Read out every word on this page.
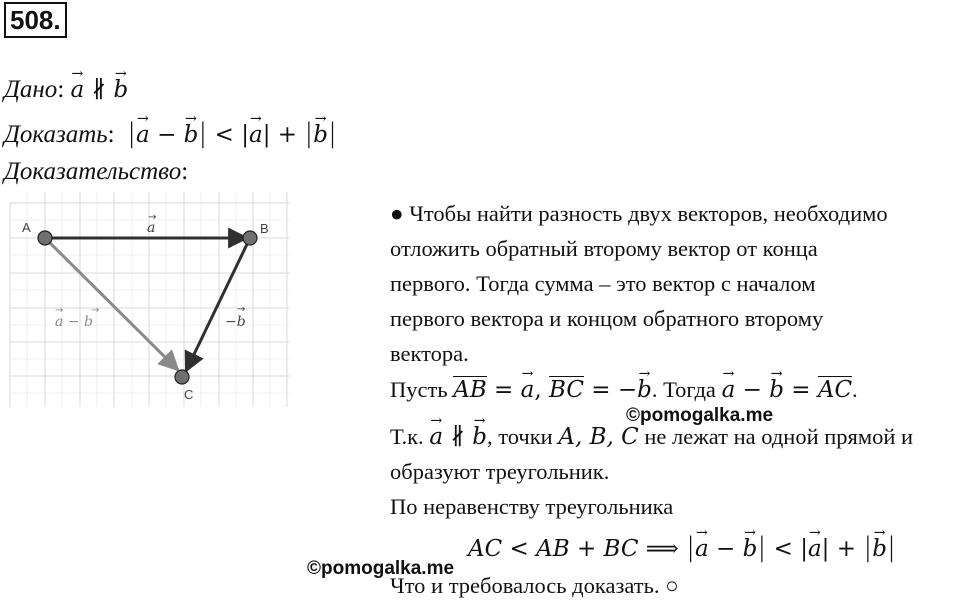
508.
Дано: → a ∦ → b
Доказать:  |→ a − → b| < |→ a| + |→ b|
Доказательство:
A	B
C
a
→
−b
→
a − b
→	→
● Чтобы найти разность двух векторов, необходимо
отложить обратный второму вектор от конца
первого. Тогда сумма – это вектор с началом
первого вектора и концом обратного второму
вектора.
Пусть AB = → a, BC = −→ b. Тогда → a − → b = AC.
©pomogalka.me
Т.к. → a ∦ → b, точки A, B, C не лежат на одной прямой и
образуют треугольник.
По неравенству треугольника
AC < AB + BC ⟹ |→ a − → b| < |→ a| + |→ b|
©pomogalka.me
Что и требовалось доказать. ○
